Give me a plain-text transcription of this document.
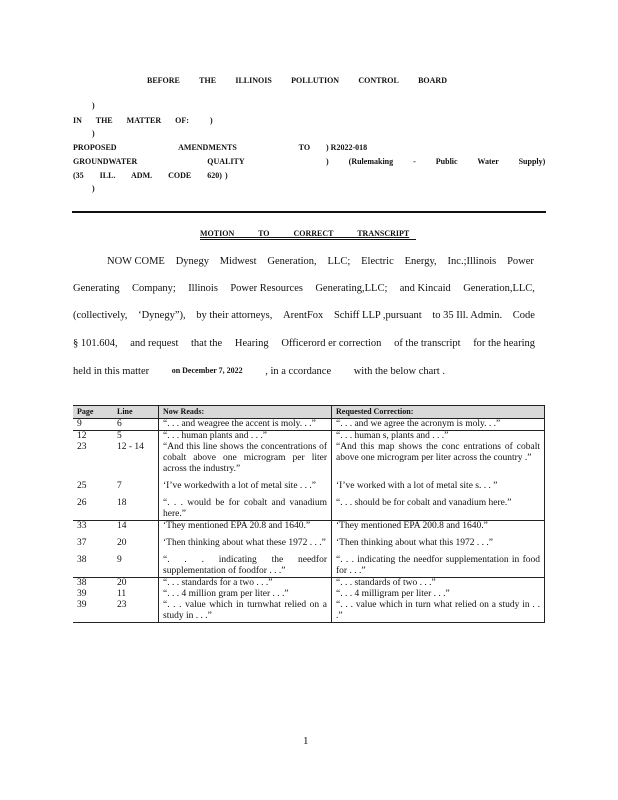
BEFORE THE ILLINOIS POLLUTION CONTROL BOARD
)
IN THE MATTER OF:	)
)
PROPOSED AMENDMENTS TO ) R2022-018
GROUNDWATER QUALITY	) (Rulemaking - Public Water Supply)
(35 ILL. ADM. CODE 620) )
)
MOTION TO CORRECT TRANSCRIPT
NOW COME Dynegy Midwest Generation, LLC; Electric Energy, Inc.;Illinois Power
Generating Company; Illinois Power Resources Generating,LLC; and Kincaid Generation,LLC,
(collectively, ‘Dynegy”), by their attorneys, ArentFox Schiff LLP ,pursuant to 35 Ill. Admin. Code
§ 101.604, and request that the Hearing Officerord er correction of the transcript for the hearing
held in this matter	on December 7, 2022 , in a ccordance with the below chart .
Page	Line	Now Reads:	Requested Correction:
9	6	“. . . and weagree the accent is moly. . .”	“. . . and we agree the acronym is moly. . .”
12	5	“. . . human plants and . . .”	“. . . human s, plants and . . .”
23	12 - 14	“And this line shows the concentrations of cobalt above one microgram per liter across the industry.”	“And this map shows the conc entrations of cobalt above one microgram per liter across the country .”
25	7	‘I’ve workedwith a lot of metal site . . .”	‘I’ve worked with a lot of metal site s. . . ”
26	18	“. . . would be for cobalt and vanadium here.”	“. . . should be for cobalt and vanadium here.”
33	14	‘They mentioned EPA 20.8 and 1640.”	‘They mentioned EPA 200.8 and 1640.”
37	20	‘Then thinking about what these 1972 . . .”	‘Then thinking about what this 1972 . . .”
38	9	“. . . indicating the needfor supplementation of foodfor . . .”	“. . . indicating the needfor supplementation in food for . . .”
38	20	“. . . standards for a two . . .”	“. . . standards of two . . .”
39	11	“. . . 4 million gram per liter . . .”	“. . . 4 milligram per liter . . .”
39	23	“. . . value which in turnwhat relied on a study in . . .”	“. . . value which in turn what relied on a study in . . .”
1
